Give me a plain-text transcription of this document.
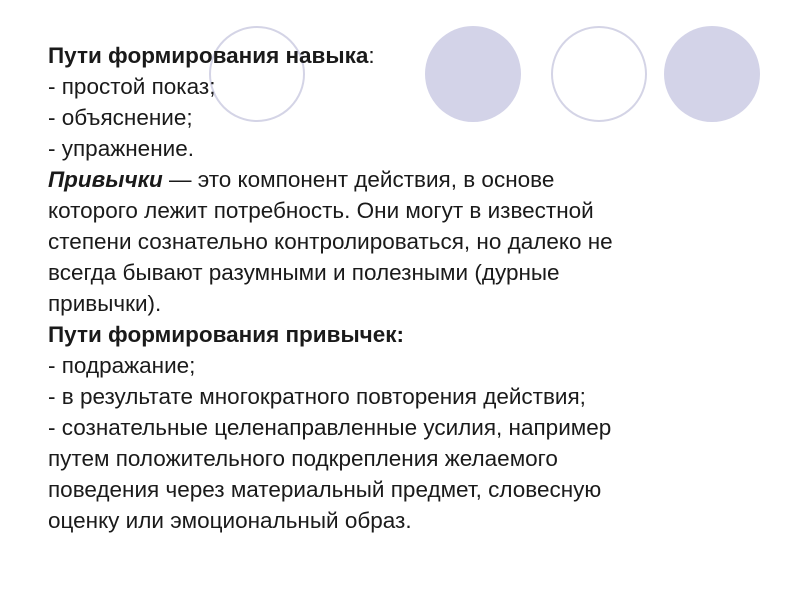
Пути формирования навыка:
- простой показ;
- объяснение;
- упражнение.
Привычки — это компонент действия, в основе
которого лежит потребность. Они могут в известной
степени сознательно контролироваться, но далеко не
всегда бывают разумными и полезными (дурные
привычки).
Пути формирования привычек:
- подражание;
- в результате многократного повторения действия;
- сознательные целенаправленные усилия, например
путем положительного подкрепления желаемого
поведения через материальный предмет, словесную
оценку или эмоциональный образ.
